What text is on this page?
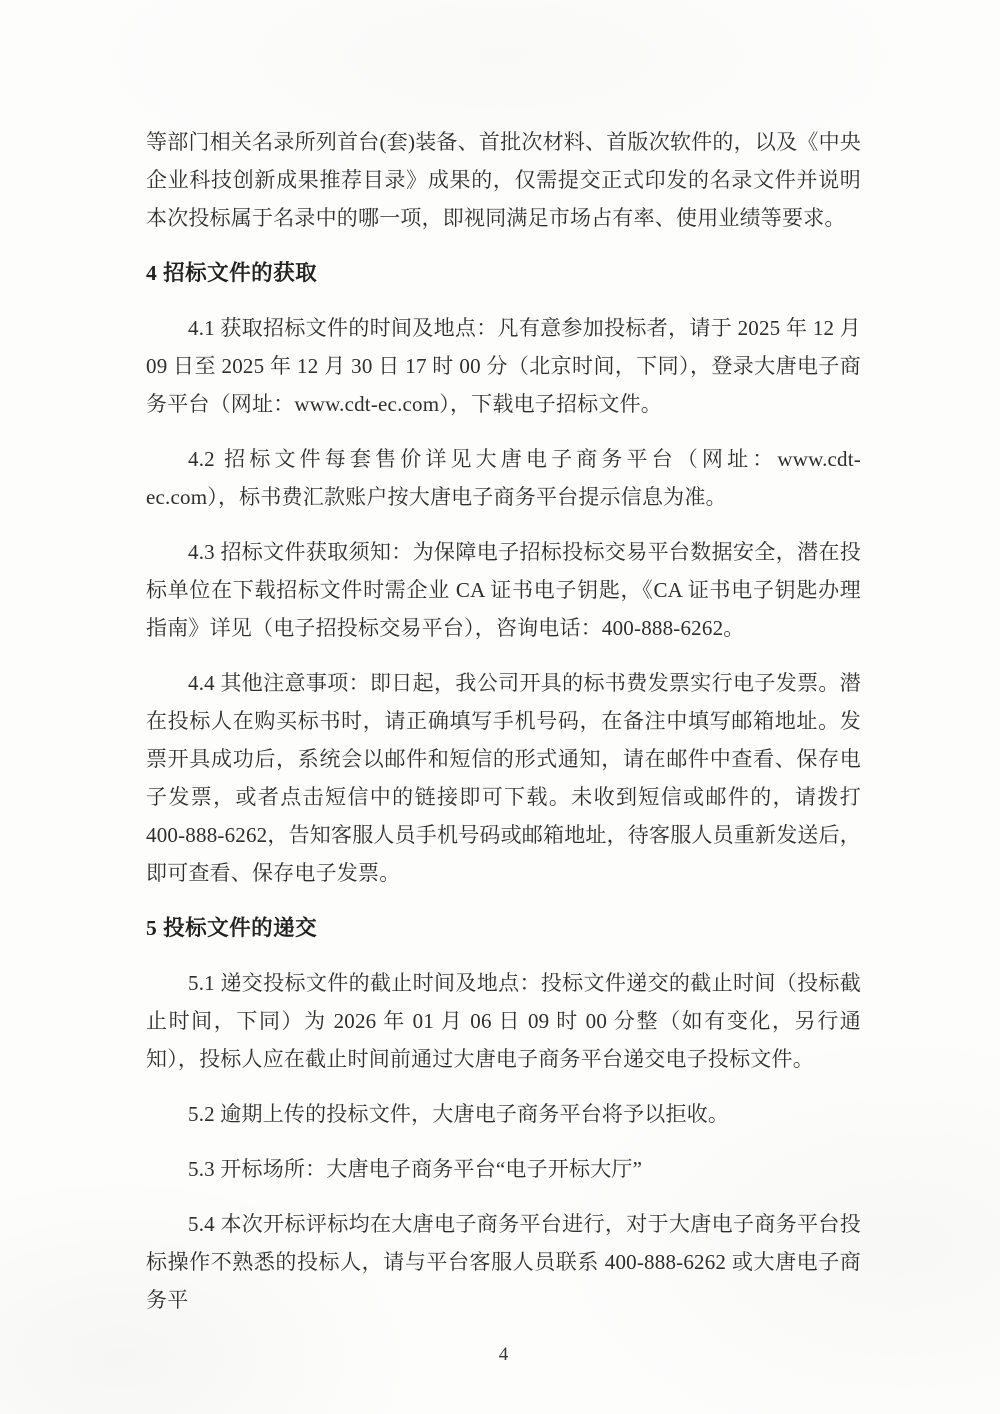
等部门相关名录所列首台(套)装备、首批次材料、首版次软件的，以及《中央企业科技创新成果推荐目录》成果的，仅需提交正式印发的名录文件并说明本次投标属于名录中的哪一项，即视同满足市场占有率、使用业绩等要求。

4 招标文件的获取

4.1 获取招标文件的时间及地点：凡有意参加投标者，请于 2025 年 12 月 09 日至 2025 年 12 月 30 日 17 时 00 分（北京时间，下同），登录大唐电子商务平台（网址：www.cdt-ec.com），下载电子招标文件。

4.2 招标文件每套售价详见大唐电子商务平台（网址：www.cdt-ec.com），标书费汇款账户按大唐电子商务平台提示信息为准。

4.3 招标文件获取须知：为保障电子招标投标交易平台数据安全，潜在投标单位在下载招标文件时需企业 CA 证书电子钥匙，《CA 证书电子钥匙办理指南》详见（电子招投标交易平台），咨询电话：400-888-6262。

4.4 其他注意事项：即日起，我公司开具的标书费发票实行电子发票。潜在投标人在购买标书时，请正确填写手机号码，在备注中填写邮箱地址。发票开具成功后，系统会以邮件和短信的形式通知，请在邮件中查看、保存电子发票，或者点击短信中的链接即可下载。未收到短信或邮件的，请拨打 400-888-6262，告知客服人员手机号码或邮箱地址，待客服人员重新发送后，即可查看、保存电子发票。

5 投标文件的递交

5.1 递交投标文件的截止时间及地点：投标文件递交的截止时间（投标截止时间，下同）为 2026 年 01 月 06 日 09 时 00 分整（如有变化，另行通知），投标人应在截止时间前通过大唐电子商务平台递交电子投标文件。

5.2 逾期上传的投标文件，大唐电子商务平台将予以拒收。

5.3 开标场所：大唐电子商务平台“电子开标大厅”

5.4 本次开标评标均在大唐电子商务平台进行，对于大唐电子商务平台投标操作不熟悉的投标人，请与平台客服人员联系 400-888-6262 或大唐电子商务平

4
